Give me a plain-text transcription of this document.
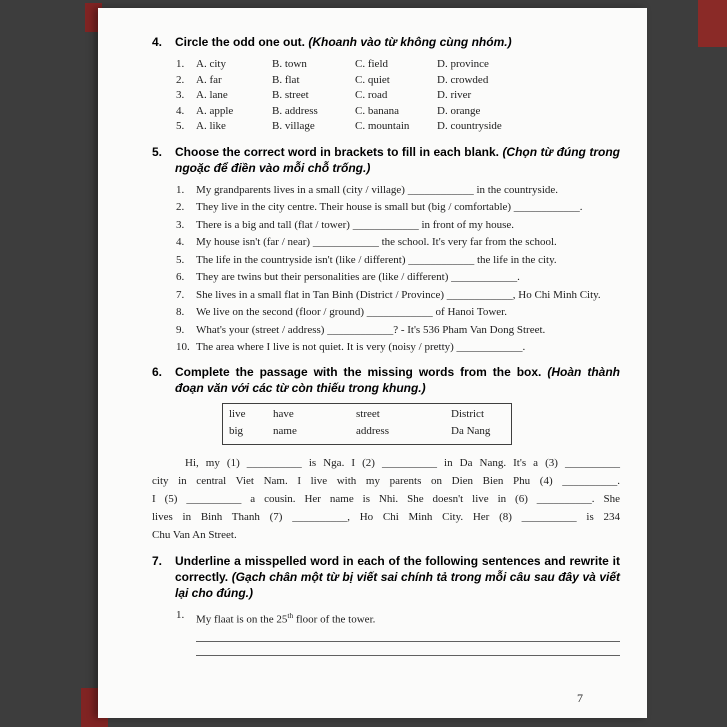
4.	Circle the odd one out. (Khoanh vào từ không cùng nhóm.)
1.	A. city	B. town	C. field	D. province
2.	A. far	B. flat	C. quiet	D. crowded
3.	A. lane	B. street	C. road	D. river
4.	A. apple	B. address	C. banana	D. orange
5.	A. like	B. village	C. mountain	D. countryside
5.	Choose the correct word in brackets to fill in each blank. (Chọn từ đúng trong ngoặc để điền vào mỗi chỗ trống.)
1.	My grandparents lives in a small (city / village) ____________ in the countryside.
2.	They live in the city centre. Their house is small but (big / comfortable) ____________.
3.	There is a big and tall (flat / tower) ____________ in front of my house.
4.	My house isn't (far / near) ____________ the school. It's very far from the school.
5.	The life in the countryside isn't (like / different) ____________ the life in the city.
6.	They are twins but their personalities are (like / different) ____________.
7.	She lives in a small flat in Tan Binh (District / Province) ____________, Ho Chi Minh City.
8.	We live on the second (floor / ground) ____________ of Hanoi Tower.
9.	What's your (street / address) ____________? - It's 536 Pham Van Dong Street.
10. The area where I live is not quiet. It is very (noisy / pretty) ____________.
6.	Complete the passage with the missing words from the box. (Hoàn thành đoạn văn với các từ còn thiếu trong khung.)
live	have	street	District
big	name	address	Da Nang
Hi, my (1) __________ is Nga. I (2) __________ in Da Nang. It's a (3) __________
city in central Viet Nam. I live with my parents on Dien Bien Phu (4) __________.
I (5) __________ a cousin. Her name is Nhi. She doesn't live in (6) __________. She
lives in Binh Thanh (7) __________, Ho Chi Minh City. Her (8) __________ is 234
Chu Van An Street.
7.	Underline a misspelled word in each of the following sentences and rewrite it correctly. (Gạch chân một từ bị viết sai chính tả trong mỗi câu sau đây và viết lại cho đúng.)
1.	My flaat is on the 25th floor of the tower.
7
